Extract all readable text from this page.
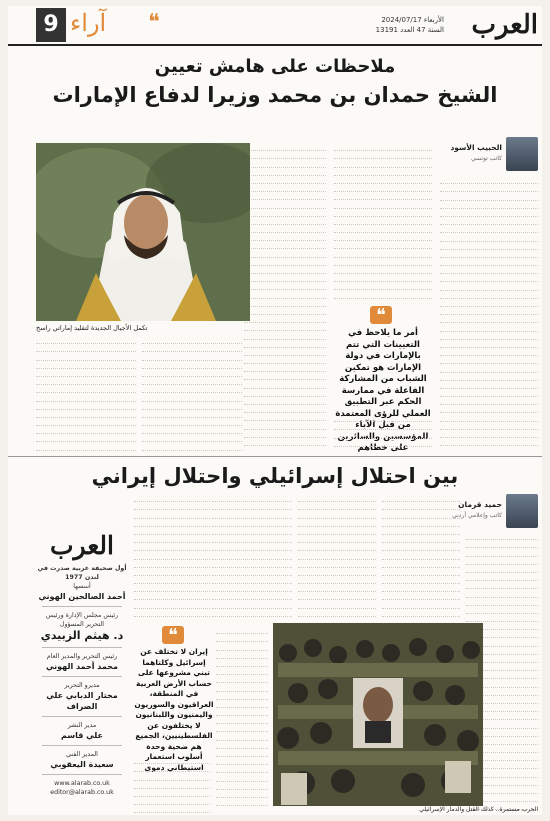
العرب
الأربعاء 2024/07/17
السنة 47 العدد 13191
❝
آراء
9
ملاحظات على هامش تعيين
الشيخ حمدان بن محمد وزيرا لدفاع الإمارات
الحبيب الأسود
كاتب تونسي
❝
أمر ما يلاحظ في التعيينات التي تتم بالإمارات في دولة الإمارات هو تمكين الشباب من المشاركة الفاعلة في ممارسة الحكم عبر التطبيق العملي للرؤى المعتمدة من قبل الآباء المؤسسين والسائرين على خطاهم
تكمل الأجيال الجديدة لتقليد إماراتي راسخ
بين احتلال إسرائيلي واحتلال إيراني
حميد قرمان
كاتب وإعلامي أردني
❝
إيران لا تختلف عن إسرائيل وكلتاهما تبني مشروعها على حساب الأرض العربية في المنطقة، العراقيون والسوريون واليمنيون واللبنانيون لا يختلفون عن الفلسطينيين، الجميع هم ضحية وحدة أسلوب استعمار استيطاني دموي
الحرب مستمرة.. كذلك القتل والدمار الإسرائيلي
العرب
أول صحيفة عربية صدرت في لندن 1977
أسسها
أحمد الصالحين الهوني
رئيس مجلس الإدارة ورئيس التحرير المسؤول
د. هيثم الزبيدي
رئيس التحرير والمدير العام
محمد أحمد الهوني
مديرو التحرير
مختار الدبابي علي الصراف
مدير النشر
علي قاسم
المدير الفني
سعيدة اليعقوبي
www.alarab.co.uk
editor@alarab.co.uk
